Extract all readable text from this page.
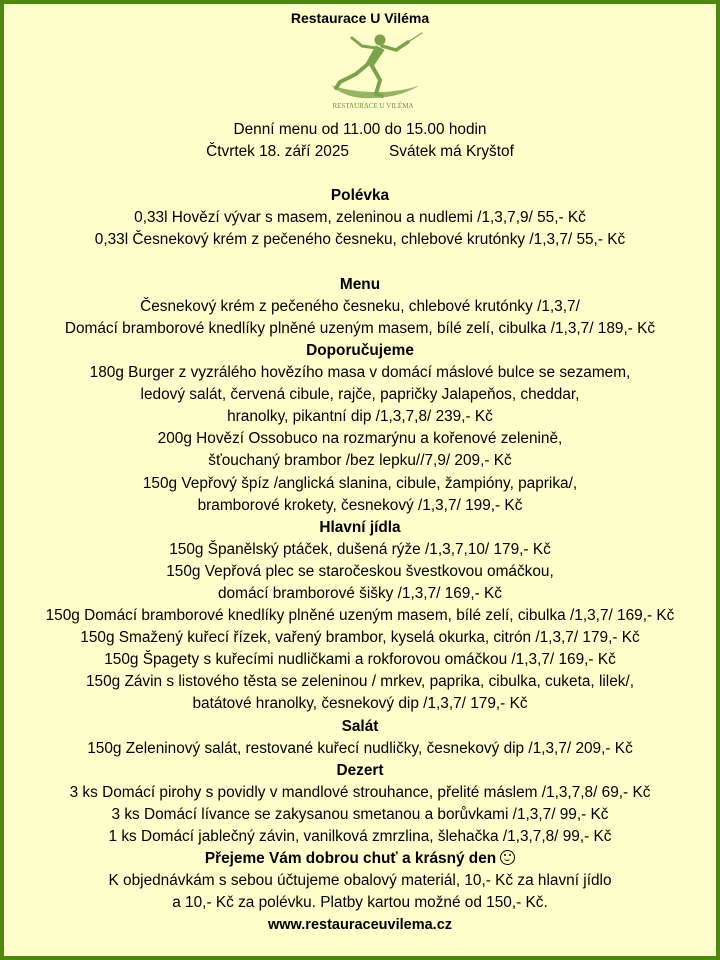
Restaurace U Viléma
RESTAURACE U VILÉMA
Denní menu od 11.00 do 15.00 hodin
Čtvrtek 18. září 2025	Svátek má Kryštof
Polévka
0,33l Hovězí vývar s masem, zeleninou a nudlemi /1,3,7,9/ 55,- Kč
0,33l Česnekový krém z pečeného česneku, chlebové krutónky /1,3,7/ 55,- Kč
Menu
Česnekový krém z pečeného česneku, chlebové krutónky /1,3,7/
Domácí bramborové knedlíky plněné uzeným masem, bílé zelí, cibulka /1,3,7/ 189,- Kč
Doporučujeme
180g Burger z vyzrálého hovězího masa v domácí máslové bulce se sezamem,
ledový salát, červená cibule, rajče, papričky Jalapeňos, cheddar,
hranolky, pikantní dip /1,3,7,8/ 239,- Kč
200g Hovězí Ossobuco na rozmarýnu a kořenové zelenině,
šťouchaný brambor /bez lepku//7,9/ 209,- Kč
150g Vepřový špíz /anglická slanina, cibule, žampióny, paprika/,
bramborové krokety, česnekový /1,3,7/ 199,- Kč
Hlavní jídla
150g Španělský ptáček, dušená rýže /1,3,7,10/ 179,- Kč
150g Vepřová plec se staročeskou švestkovou omáčkou,
domácí bramborové šišky /1,3,7/ 169,- Kč
150g Domácí bramborové knedlíky plněné uzeným masem, bílé zelí, cibulka /1,3,7/ 169,- Kč
150g Smažený kuřecí řízek, vařený brambor, kyselá okurka, citrón /1,3,7/ 179,- Kč
150g Špagety s kuřecími nudličkami a rokforovou omáčkou /1,3,7/ 169,- Kč
150g Závin s listového těsta se zeleninou / mrkev, paprika, cibulka, cuketa, lilek/,
batátové hranolky, česnekový dip /1,3,7/ 179,- Kč
Salát
150g Zeleninový salát, restované kuřecí nudličky, česnekový dip /1,3,7/ 209,- Kč
Dezert
3 ks Domácí pirohy s povidly v mandlové strouhance, přelité máslem /1,3,7,8/ 69,- Kč
3 ks Domácí lívance se zakysanou smetanou a borůvkami /1,3,7/ 99,- Kč
1 ks Domácí jablečný závin, vanilková zmrzlina, šlehačka /1,3,7,8/ 99,- Kč
Přejeme Vám dobrou chuť a krásný den
K objednávkám s sebou účtujeme obalový materiál, 10,- Kč za hlavní jídlo
a 10,- Kč za polévku. Platby kartou možné od 150,- Kč.
www.restauraceuvilema.cz
